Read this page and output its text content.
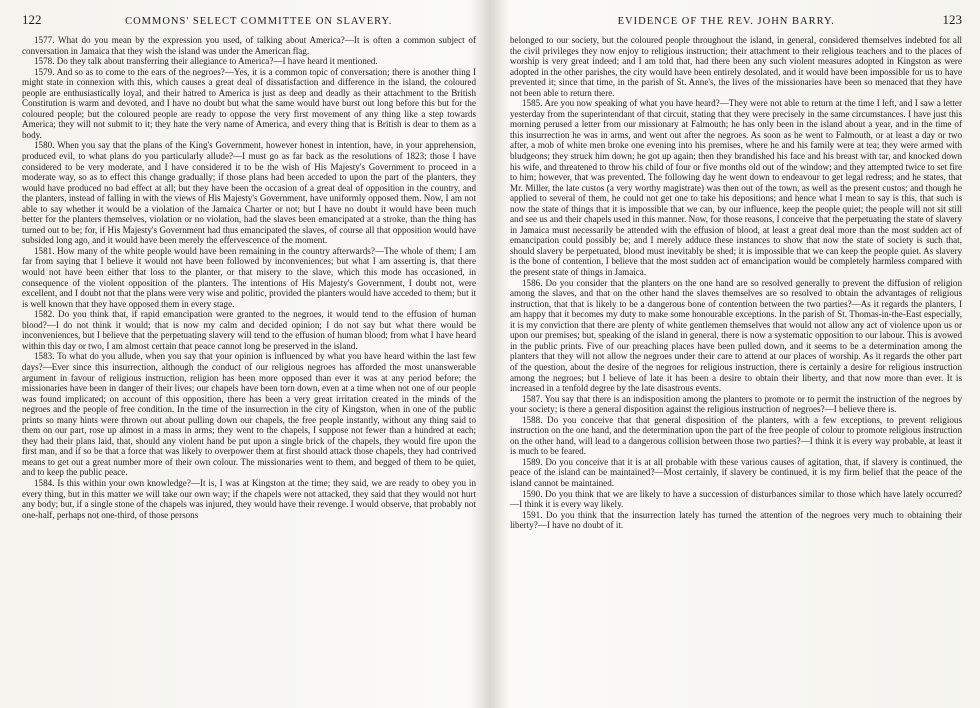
122	COMMONS' SELECT COMMITTEE ON SLAVERY.

1577. What do you mean by the expression you used, of talking about America?—It is often a common subject of conversation in Jamaica that they wish the island was under the American flag.

1578. Do they talk about transferring their allegiance to America?—I have heard it mentioned.

1579. And so as to come to the ears of the negroes?—Yes, it is a common topic of conversation; there is another thing I might state in connexion with this, which causes a great deal of dissatisfaction and difference in the island, the coloured people are enthusiastically loyal, and their hatred to America is just as deep and deadly as their attachment to the British Constitution is warm and devoted, and I have no doubt but what the same would have burst out long before this but for the coloured people; but the coloured people are ready to oppose the very first movement of any thing like a step towards America; they will not submit to it; they hate the very name of America, and every thing that is British is dear to them as a body.

1580. When you say that the plans of the King's Government, however honest in intention, have, in your apprehension, produced evil, to what plans do you particularly allude?—I must go as far back as the resolutions of 1823; those I have considered to be very moderate, and I have considered it to be the wish of His Majesty's Government to proceed in a moderate way, so as to effect this change gradually; if those plans had been acceded to upon the part of the planters, they would have produced no bad effect at all; but they have been the occasion of a great deal of opposition in the country, and the planters, instead of falling in with the views of His Majesty's Government, have uniformly opposed them. Now, I am not able to say whether it would be a violation of the Jamaica Charter or not; but I have no doubt it would have been much better for the planters themselves, violation or no violation, had the slaves been emancipated at a stroke, than the thing has turned out to be; for, if His Majesty's Government had thus emancipated the slaves, of course all that opposition would have subsided long ago, and it would have been merely the effervescence of the moment.

1581. How many of the white people would have been remaining in the country afterwards?—The whole of them; I am far from saying that I believe it would not have been followed by inconveniences; but what I am asserting is, that there would not have been either that loss to the planter, or that misery to the slave, which this mode has occasioned, in consequence of the violent opposition of the planters. The intentions of His Majesty's Government, I doubt not, were excellent, and I doubt not that the plans were very wise and politic, provided the planters would have acceded to them; but it is well known that they have opposed them in every stage.

1582. Do you think that, if rapid emancipation were granted to the negroes, it would tend to the effusion of human blood?—I do not think it would; that is now my calm and decided opinion; I do not say but what there would be inconveniences, but I believe that the perpetuating slavery will tend to the effusion of human blood; from what I have heard within this day or two, I am almost certain that peace cannot long be preserved in the island.

1583. To what do you allude, when you say that your opinion is influenced by what you have heard within the last few days?—Ever since this insurrection, although the conduct of our religious negroes has afforded the most unanswerable argument in favour of religious instruction, religion has been more opposed than ever it was at any period before; the missionaries have been in danger of their lives; our chapels have been torn down, even at a time when not one of our people was found implicated; on account of this opposition, there has been a very great irritation created in the minds of the negroes and the people of free condition. In the time of the insurrection in the city of Kingston, when in one of the public prints so many hints were thrown out about pulling down our chapels, the free people instantly, without any thing said to them on our part, rose up almost in a mass in arms; they went to the chapels, I suppose not fewer than a hundred at each; they had their plans laid, that, should any violent hand be put upon a single brick of the chapels, they would fire upon the first man, and if so be that a force that was likely to overpower them at first should attack those chapels, they had contrived means to get out a great number more of their own colour. The missionaries went to them, and begged of them to be quiet, and to keep the public peace.

1584. Is this within your own knowledge?—It is, I was at Kingston at the time; they said, we are ready to obey you in every thing, but in this matter we will take our own way; if the chapels were not attacked, they said that they would not hurt any body; but, if a single stone of the chapels was injured, they would have their revenge. I would observe, that probably not one-half, perhaps not one-third, of those persons

EVIDENCE OF THE REV. JOHN BARRY.	123

belonged to our society, but the coloured people throughout the island, in general, considered themselves indebted for all the civil privileges they now enjoy to religious instruction; their attachment to their religious teachers and to the places of worship is very great indeed; and I am told that, had there been any such violent measures adopted in Kingston as were adopted in the other parishes, the city would have been entirely desolated, and it would have been impossible for us to have prevented it; since that time, in the parish of St. Anne's, the lives of the missionaries have been so menaced that they have not been able to return there.

1585. Are you now speaking of what you have heard?—They were not able to return at the time I left, and I saw a letter yesterday from the superintendant of that circuit, stating that they were precisely in the same circumstances. I have just this morning perused a letter from our missionary at Falmouth; he has only been in the island about a year, and in the time of this insurrection he was in arms, and went out after the negroes. As soon as he went to Falmouth, or at least a day or two after, a mob of white men broke one evening into his premises, where he and his family were at tea; they were armed with bludgeons; they struck him down; he got up again; then they brandished his face and his breast with tar, and knocked down his wife, and threatened to throw his child of four or five months old out of the window; and they attempted twice to set fire to him; however, that was prevented. The following day he went down to endeavour to get legal redress; and he states, that Mr. Miller, the late custos (a very worthy magistrate) was then out of the town, as well as the present custos; and though he applied to several of them, he could not get one to take his depositions; and hence what I mean to say is this, that such is now the state of things that it is impossible that we can, by our influence, keep the people quiet; the people will not sit still and see us and their chapels used in this manner. Now, for those reasons, I conceive that the perpetuating the state of slavery in Jamaica must necessarily be attended with the effusion of blood, at least a great deal more than the most sudden act of emancipation could possibly be; and I merely adduce these instances to show that now the state of society is such that, should slavery be perpetuated, blood must inevitably be shed; it is impossible that we can keep the people quiet. As slavery is the bone of contention, I believe that the most sudden act of emancipation would be completely harmless compared with the present state of things in Jamaica.

1586. Do you consider that the planters on the one hand are so resolved generally to prevent the diffusion of religion among the slaves, and that on the other hand the slaves themselves are so resolved to obtain the advantages of religious instruction, that that is likely to be a dangerous bone of contention between the two parties?—As it regards the planters, I am happy that it becomes my duty to make some honourable exceptions. In the parish of St. Thomas-in-the-East especially, it is my conviction that there are plenty of white gentlemen themselves that would not allow any act of violence upon us or upon our premises; but, speaking of the island in general, there is now a systematic opposition to our labour. This is avowed in the public prints. Five of our preaching places have been pulled down, and it seems to be a determination among the planters that they will not allow the negroes under their care to attend at our places of worship. As it regards the other part of the question, about the desire of the negroes for religious instruction, there is certainly a desire for religious instruction among the negroes; but I believe of late it has been a desire to obtain their liberty, and that now more than ever. It is increased in a tenfold degree by the late disastrous events.

1587. You say that there is an indisposition among the planters to promote or to permit the instruction of the negroes by your society; is there a general disposition against the religious instruction of negroes?—I believe there is.

1588. Do you conceive that that general disposition of the planters, with a few exceptions, to prevent religious instruction on the one hand, and the determination upon the part of the free people of colour to promote religious instruction on the other hand, will lead to a dangerous collision between those two parties?—I think it is every way probable, at least it is much to be feared.

1589. Do you conceive that it is at all probable with these various causes of agitation, that, if slavery is continued, the peace of the island can be maintained?—Most certainly, if slavery be continued, it is my firm belief that the peace of the island cannot be maintained.

1590. Do you think that we are likely to have a succession of disturbances similar to those which have lately occurred?—I think it is every way likely.

1591. Do you think that the insurrection lately has turned the attention of the negroes very much to obtaining their liberty?—I have no doubt of it.
